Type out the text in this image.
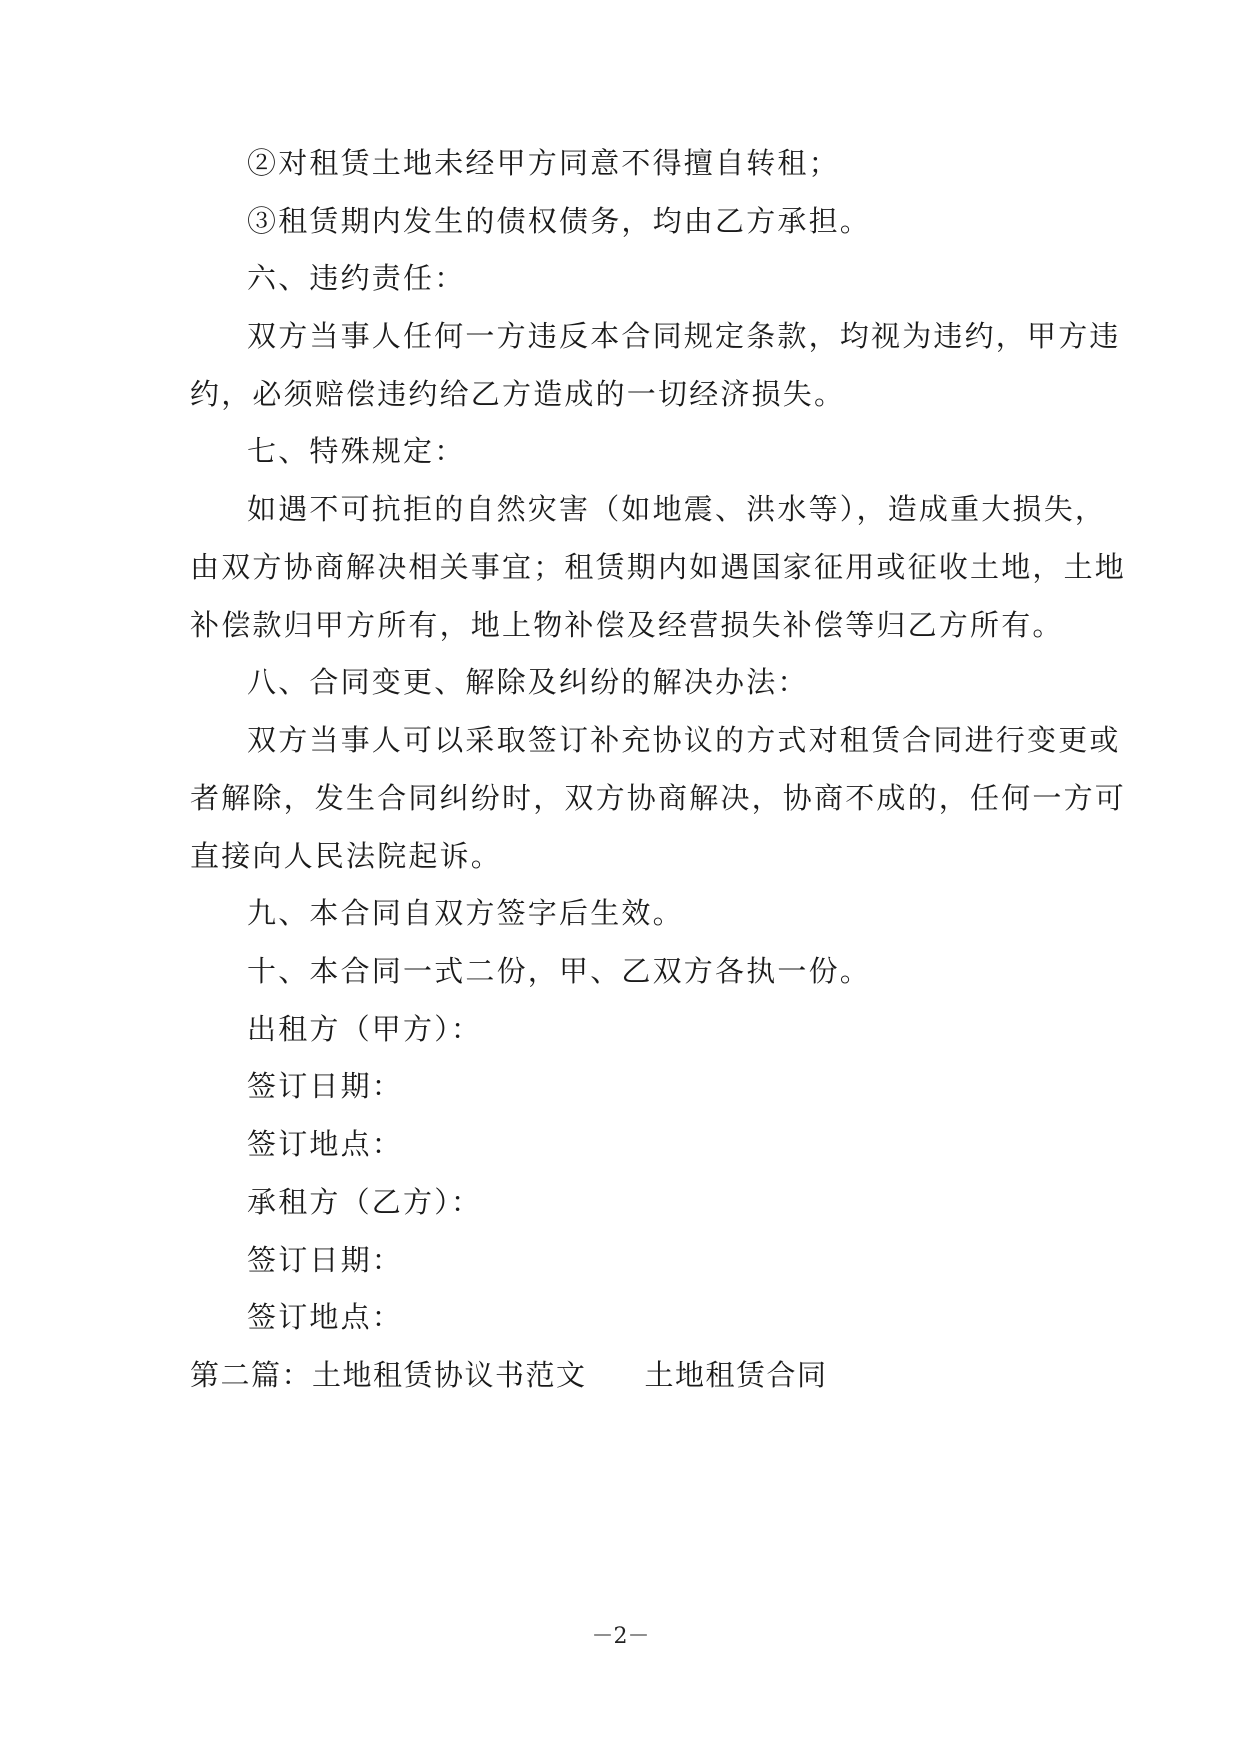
②对租赁土地未经甲方同意不得擅自转租；
③租赁期内发生的债权债务，均由乙方承担。
六、违约责任：
双方当事人任何一方违反本合同规定条款，均视为违约，甲方违
约，必须赔偿违约给乙方造成的一切经济损失。
七、特殊规定：
如遇不可抗拒的自然灾害（如地震、洪水等），造成重大损失，
由双方协商解决相关事宜；租赁期内如遇国家征用或征收土地，土地
补偿款归甲方所有，地上物补偿及经营损失补偿等归乙方所有。
八、合同变更、解除及纠纷的解决办法：
双方当事人可以采取签订补充协议的方式对租赁合同进行变更或
者解除，发生合同纠纷时，双方协商解决，协商不成的，任何一方可
直接向人民法院起诉。
九、本合同自双方签字后生效。
十、本合同一式二份，甲、乙双方各执一份。
出租方（甲方）：
签订日期：
签订地点：
承租方（乙方）：
签订日期：
签订地点：
第二篇：土地租赁协议书范文 土地租赁合同
－2－
